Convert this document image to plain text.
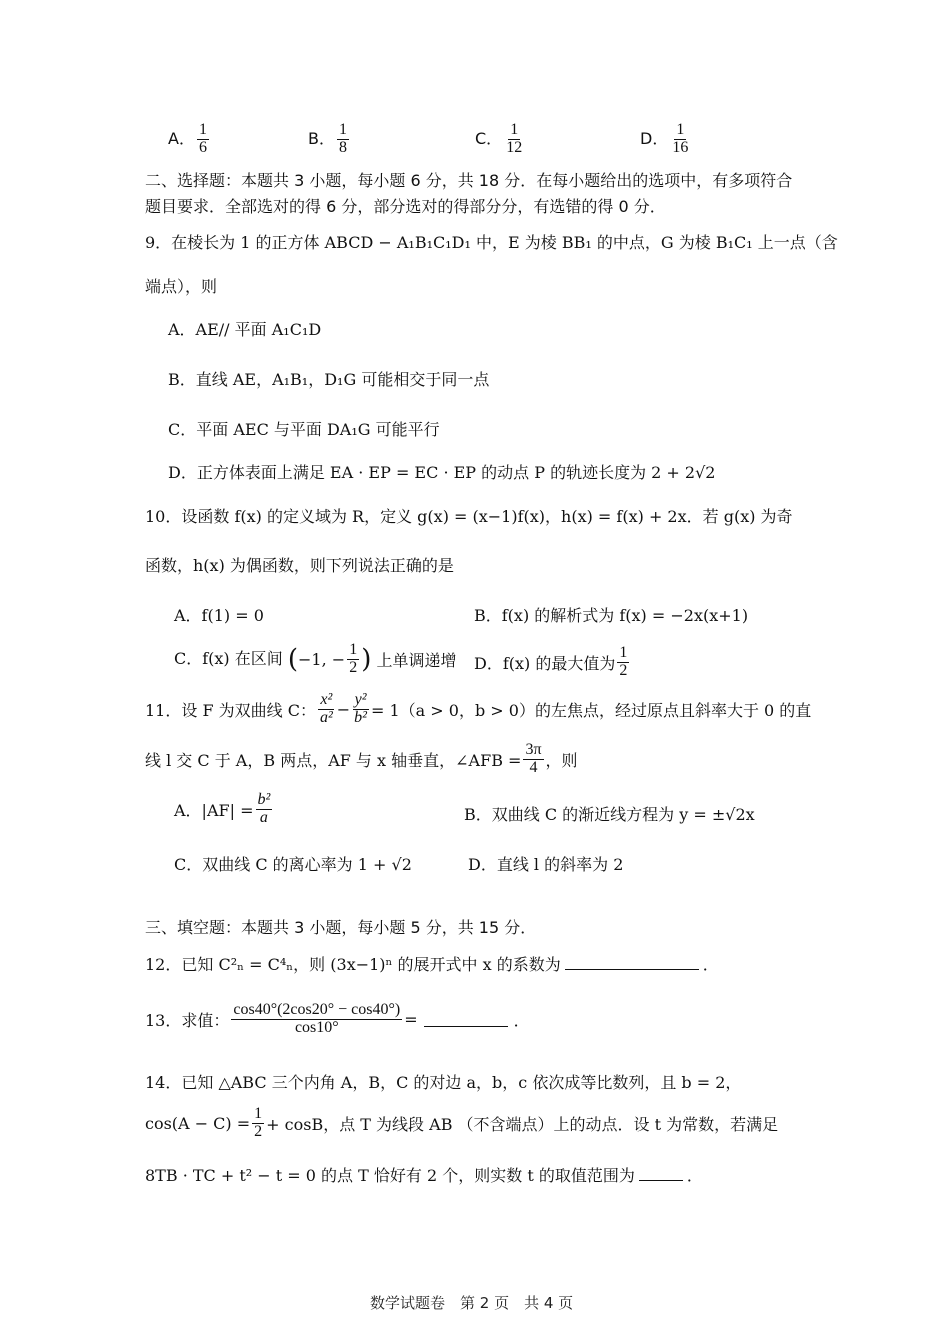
A． $\frac{1}{6}$	B． $\frac{1}{8}$	C． $\frac{1}{12}$	D． $\frac{1}{16}$
二、选择题：本题共 3 小题，每小题 6 分，共 18 分．在每小题给出的选项中，有多项符合
题目要求．全部选对的得 6 分，部分选对的得部分分，有选错的得 0 分．
9．在棱长为 1 的正方体 ABCD − A₁B₁C₁D₁ 中，E 为棱 BB₁ 的中点，G 为棱 B₁C₁ 上一点（含
端点），则
A．AE// 平面 A₁C₁D
B．直线 AE，A₁B₁，D₁G 可能相交于同一点
C．平面 AEC 与平面 DA₁G 可能平行
D．正方体表面上满足 EA · EP = EC · EP 的动点 P 的轨迹长度为 2 + 2√2
10．设函数 f(x) 的定义域为 R，定义 g(x) = (x−1)f(x)，h(x) = f(x) + 2x．若 g(x) 为奇
函数，h(x) 为偶函数，则下列说法正确的是
A．f(1) = 0	B．f(x) 的解析式为 f(x) = −2x(x+1)
C．f(x) 在区间 (−1, − $\frac{1}{2}$ ) 上单调递增 D．f(x) 的最大值为 $\frac{1}{2}$
11．设 F 为双曲线 C： $\frac{\text{x²}}{\text{a²}} - \frac{\text{y²}}{\text{b²}} = 1(a > 0$，b > 0）的左焦点，经过原点且斜率大于 0 的直
线 l 交 C 于 A，B 两点，AF 与 x 轴垂直，∠AFB = $\frac{3\pi}{4}$ ，则
A．$|AF| = \frac{\text{b²}}{a}$	B．双曲线 C 的渐近线方程为 y = ±√2x
C．双曲线 C 的离心率为 1 + √2	D．直线 l 的斜率为 2
三、填空题：本题共 3 小题，每小题 5 分，共 15 分．
12．已知 C²ₙ = C⁴ₙ，则 (3x−1)ⁿ 的展开式中 x 的系数为	．
13．求值： $\frac{\cos 40^\circ(2\cos 20^\circ - \cos 40^\circ)}{\cos 10^\circ}$ =	．
14．已知 △ABC 三个内角 A，B，C 的对边 a，b，c 依次成等比数列，且 b = 2，
$\cos(A - C) = \frac{1}{2} + \cos B$，点 T 为线段 AB （不含端点）上的动点．设 t 为常数，若满足
8TB · TC + t² − t = 0 的点 T 恰好有 2 个，则实数 t 的取值范围为	．
数学试题卷　第 2 页　共 4 页
